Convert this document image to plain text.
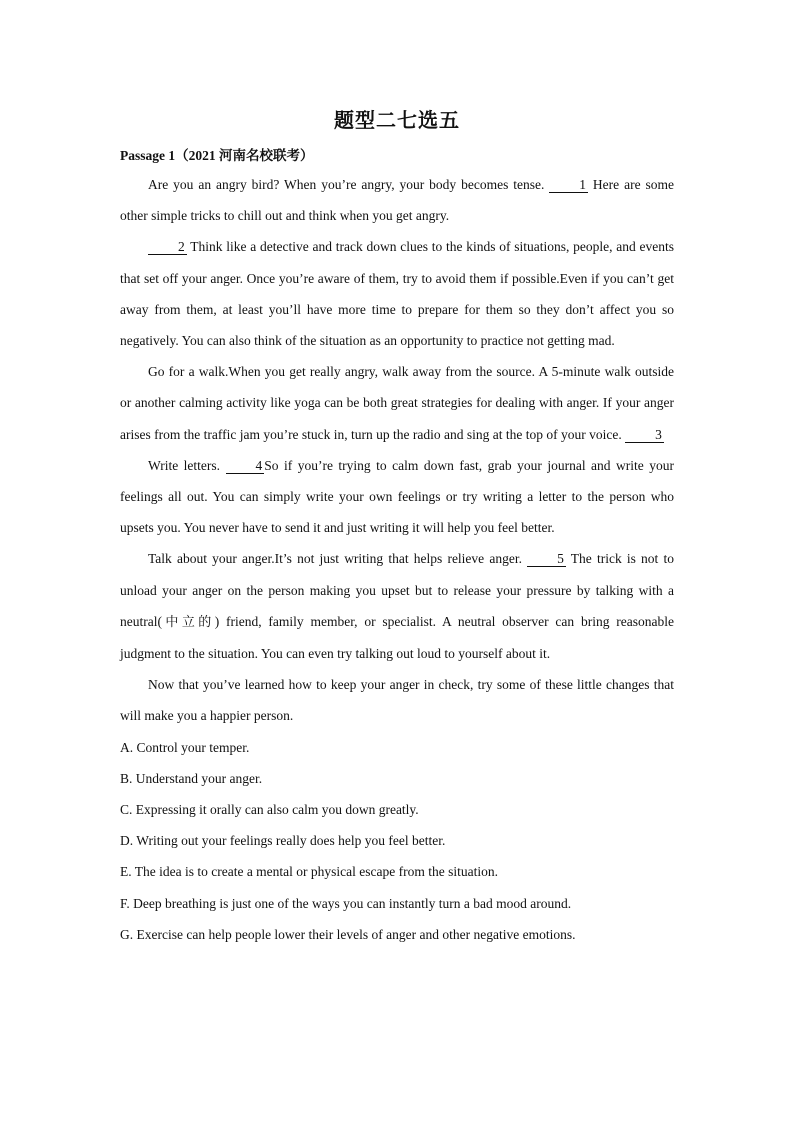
题型二七选五
Passage 1（2021 河南名校联考）

Are you an angry bird? When you’re angry, your body becomes tense. 1 Here are some other simple tricks to chill out and think when you get angry.

2 Think like a detective and track down clues to the kinds of situations, people, and events that set off your anger. Once you’re aware of them, try to avoid them if possible.Even if you can’t get away from them, at least you’ll have more time to prepare for them so they don’t affect you so negatively. You can also think of the situation as an opportunity to practice not getting mad.

Go for a walk.When you get really angry, walk away from the source. A 5-minute walk outside or another calming activity like yoga can be both great strategies for dealing with anger. If your anger arises from the traffic jam you’re stuck in, turn up the radio and sing at the top of your voice. 3

Write letters. 4 So if you’re trying to calm down fast, grab your journal and write your feelings all out. You can simply write your own feelings or try writing a letter to the person who upsets you. You never have to send it and just writing it will help you feel better.

Talk about your anger.It’s not just writing that helps relieve anger. 5 The trick is not to unload your anger on the person making you upset but to release your pressure by talking with a neutral(中立的) friend, family member, or specialist. A neutral observer can bring reasonable judgment to the situation. You can even try talking out loud to yourself about it.

Now that you’ve learned how to keep your anger in check, try some of these little changes that will make you a happier person.

A. Control your temper.

B. Understand your anger.

C. Expressing it orally can also calm you down greatly.

D. Writing out your feelings really does help you feel better.

E. The idea is to create a mental or physical escape from the situation.

F. Deep breathing is just one of the ways you can instantly turn a bad mood around.

G. Exercise can help people lower their levels of anger and other negative emotions.
